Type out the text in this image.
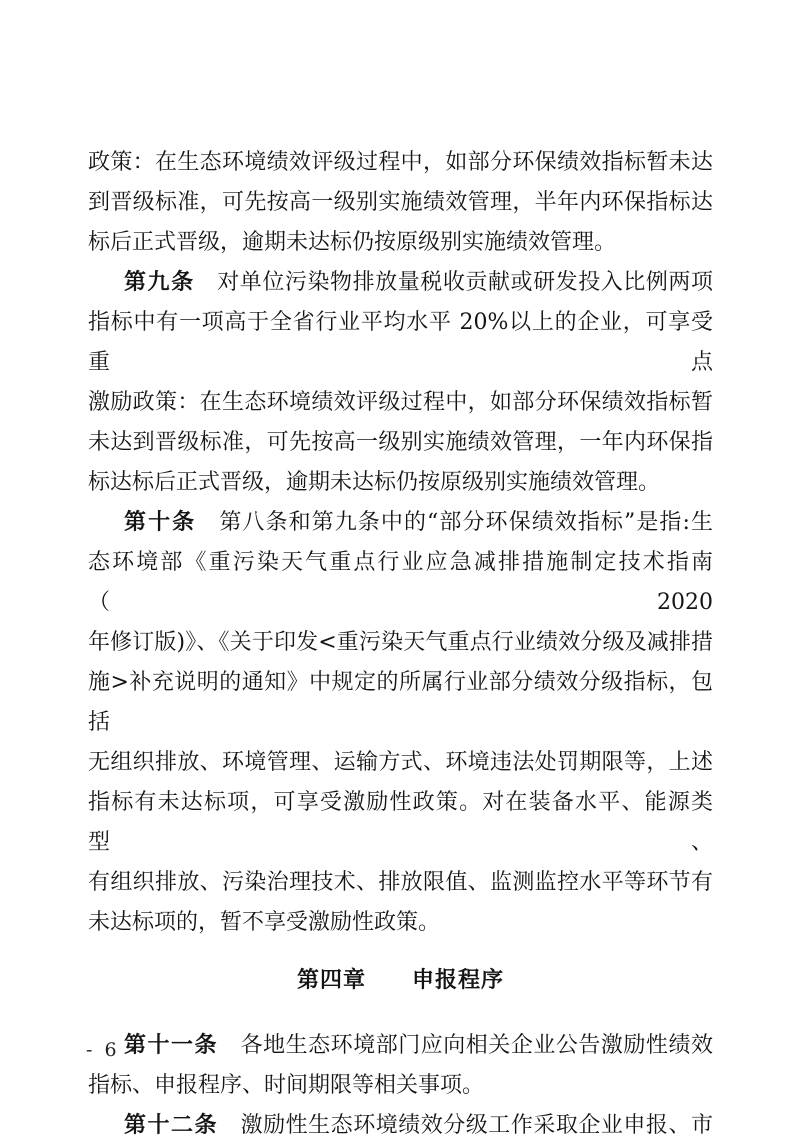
政策：在生态环境绩效评级过程中，如部分环保绩效指标暂未达
到晋级标准，可先按高一级别实施绩效管理，半年内环保指标达
标后正式晋级，逾期未达标仍按原级别实施绩效管理。
第九条　对单位污染物排放量税收贡献或研发投入比例两项
指标中有一项高于全省行业平均水平 20%以上的企业，可享受重点
激励政策：在生态环境绩效评级过程中，如部分环保绩效指标暂
未达到晋级标准，可先按高一级别实施绩效管理，一年内环保指
标达标后正式晋级，逾期未达标仍按原级别实施绩效管理。
第十条　第八条和第九条中的“部分环保绩效指标”是指:生
态环境部《重污染天气重点行业应急减排措施制定技术指南（2020
年修订版)》、《关于印发<重污染天气重点行业绩效分级及减排措
施>补充说明的通知》中规定的所属行业部分绩效分级指标，包括
无组织排放、环境管理、运输方式、环境违法处罚期限等，上述
指标有未达标项，可享受激励性政策。对在装备水平、能源类型、
有组织排放、污染治理技术、排放限值、监测监控水平等环节有
未达标项的，暂不享受激励性政策。
第四章　　申报程序
第十一条　各地生态环境部门应向相关企业公告激励性绩效
指标、申报程序、时间期限等相关事项。
第十二条　激励性生态环境绩效分级工作采取企业申报、市
- 6 -
